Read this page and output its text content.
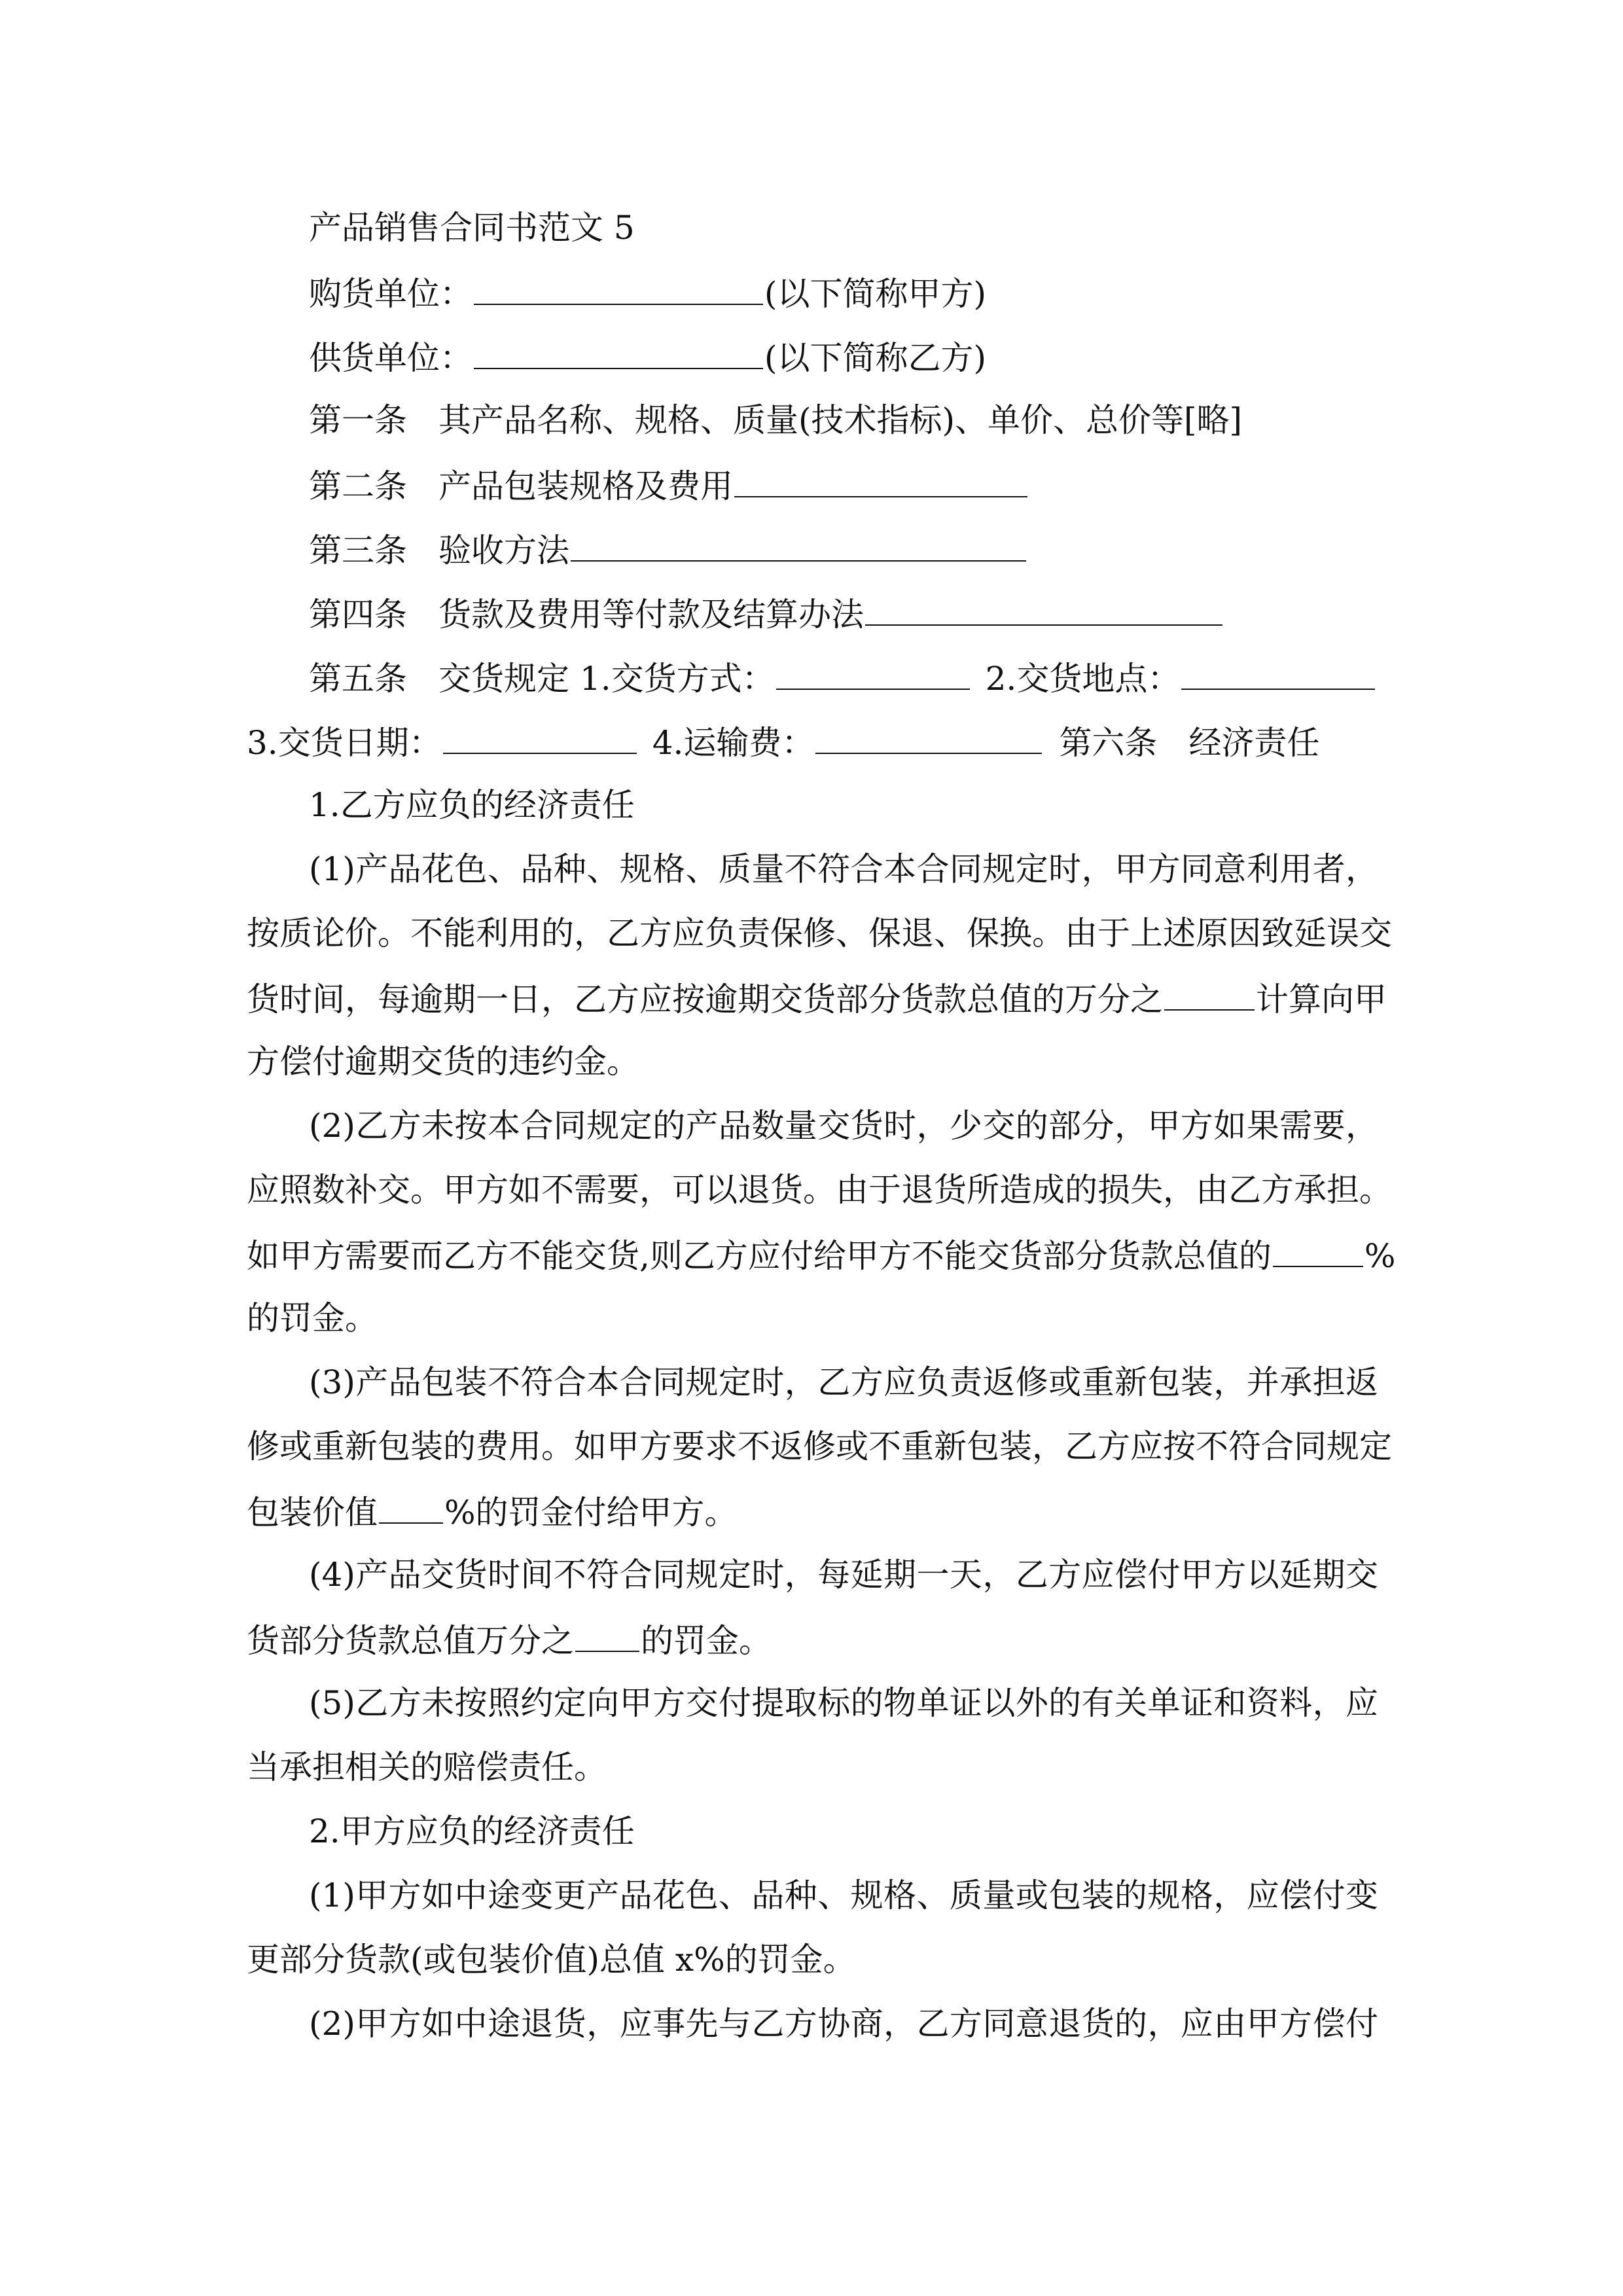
产品销售合同书范文 5
购货单位：	(以下简称甲方)
供货单位：	(以下简称乙方)
第一条 其产品名称、规格、质量(技术指标)、单价、总价等[略]
第二条 产品包装规格及费用
第三条 验收方法
第四条 货款及费用等付款及结算办法
第五条 交货规定 1.交货方式：	2.交货地点：
3.交货日期：	4.运输费：	第六条 经济责任
1.乙方应负的经济责任
(1)产品花色、品种、规格、质量不符合本合同规定时，甲方同意利用者，
按质论价。不能利用的，乙方应负责保修、保退、保换。由于上述原因致延误交
货时间，每逾期一日，乙方应按逾期交货部分货款总值的万分之	计算向甲
方偿付逾期交货的违约金。
(2)乙方未按本合同规定的产品数量交货时，少交的部分，甲方如果需要，
应照数补交。甲方如不需要，可以退货。由于退货所造成的损失，由乙方承担。
如甲方需要而乙方不能交货,则乙方应付给甲方不能交货部分货款总值的	%
的罚金。
(3)产品包装不符合本合同规定时，乙方应负责返修或重新包装，并承担返
修或重新包装的费用。如甲方要求不返修或不重新包装，乙方应按不符合同规定
包装价值 %的罚金付给甲方。
(4)产品交货时间不符合同规定时，每延期一天，乙方应偿付甲方以延期交
货部分货款总值万分之 的罚金。
(5)乙方未按照约定向甲方交付提取标的物单证以外的有关单证和资料，应
当承担相关的赔偿责任。
2.甲方应负的经济责任
(1)甲方如中途变更产品花色、品种、规格、质量或包装的规格，应偿付变
更部分货款(或包装价值)总值 x%的罚金。
(2)甲方如中途退货，应事先与乙方协商，乙方同意退货的，应由甲方偿付
